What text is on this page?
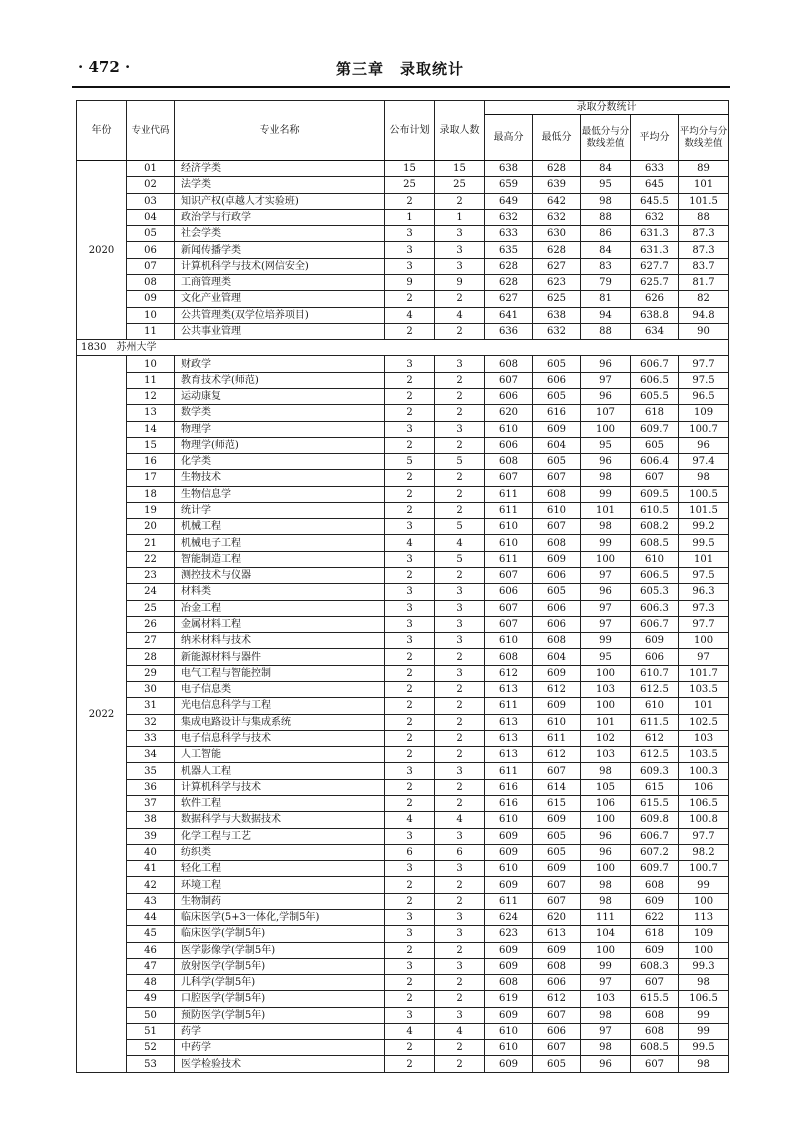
· 472 ·	第三章　录取统计
年份	专业代码	专业名称	公布计划	录取人数	录取分数统计				
					最高分	最低分	最低分与分数线差值	平均分	平均分与分数线差值
2020	01	经济学类	15	15	638	628	84	633	89
	02	法学类	25	25	659	639	95	645	101
	03	知识产权(卓越人才实验班)	2	2	649	642	98	645.5	101.5
	04	政治学与行政学	1	1	632	632	88	632	88
	05	社会学类	3	3	633	630	86	631.3	87.3
	06	新闻传播学类	3	3	635	628	84	631.3	87.3
	07	计算机科学与技术(网信安全)	3	3	628	627	83	627.7	83.7
	08	工商管理类	9	9	628	623	79	625.7	81.7
	09	文化产业管理	2	2	627	625	81	626	82
	10	公共管理类(双学位培养项目)	4	4	641	638	94	638.8	94.8
	11	公共事业管理	2	2	636	632	88	634	90
1830　苏州大学									
2022	10	财政学	3	3	608	605	96	606.7	97.7
	11	教育技术学(师范)	2	2	607	606	97	606.5	97.5
	12	运动康复	2	2	606	605	96	605.5	96.5
	13	数学类	2	2	620	616	107	618	109
	14	物理学	3	3	610	609	100	609.7	100.7
	15	物理学(师范)	2	2	606	604	95	605	96
	16	化学类	5	5	608	605	96	606.4	97.4
	17	生物技术	2	2	607	607	98	607	98
	18	生物信息学	2	2	611	608	99	609.5	100.5
	19	统计学	2	2	611	610	101	610.5	101.5
	20	机械工程	3	5	610	607	98	608.2	99.2
	21	机械电子工程	4	4	610	608	99	608.5	99.5
	22	智能制造工程	3	5	611	609	100	610	101
	23	测控技术与仪器	2	2	607	606	97	606.5	97.5
	24	材料类	3	3	606	605	96	605.3	96.3
	25	冶金工程	3	3	607	606	97	606.3	97.3
	26	金属材料工程	3	3	607	606	97	606.7	97.7
	27	纳米材料与技术	3	3	610	608	99	609	100
	28	新能源材料与器件	2	2	608	604	95	606	97
	29	电气工程与智能控制	2	3	612	609	100	610.7	101.7
	30	电子信息类	2	2	613	612	103	612.5	103.5
	31	光电信息科学与工程	2	2	611	609	100	610	101
	32	集成电路设计与集成系统	2	2	613	610	101	611.5	102.5
	33	电子信息科学与技术	2	2	613	611	102	612	103
	34	人工智能	2	2	613	612	103	612.5	103.5
	35	机器人工程	3	3	611	607	98	609.3	100.3
	36	计算机科学与技术	2	2	616	614	105	615	106
	37	软件工程	2	2	616	615	106	615.5	106.5
	38	数据科学与大数据技术	4	4	610	609	100	609.8	100.8
	39	化学工程与工艺	3	3	609	605	96	606.7	97.7
	40	纺织类	6	6	609	605	96	607.2	98.2
	41	轻化工程	3	3	610	609	100	609.7	100.7
	42	环境工程	2	2	609	607	98	608	99
	43	生物制药	2	2	611	607	98	609	100
	44	临床医学(5+3一体化,学制5年)	3	3	624	620	111	622	113
	45	临床医学(学制5年)	3	3	623	613	104	618	109
	46	医学影像学(学制5年)	2	2	609	609	100	609	100
	47	放射医学(学制5年)	3	3	609	608	99	608.3	99.3
	48	儿科学(学制5年)	2	2	608	606	97	607	98
	49	口腔医学(学制5年)	2	2	619	612	103	615.5	106.5
	50	预防医学(学制5年)	3	3	609	607	98	608	99
	51	药学	4	4	610	606	97	608	99
	52	中药学	2	2	610	607	98	608.5	99.5
	53	医学检验技术	2	2	609	605	96	607	98
